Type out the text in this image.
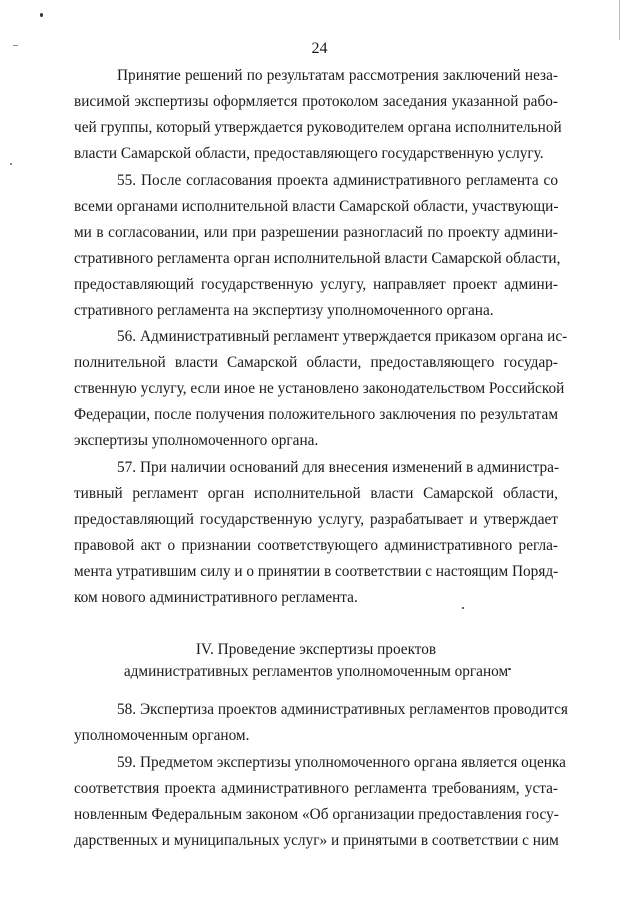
24
Принятие решений по результатам рассмотрения заключений неза-
висимой экспертизы оформляется протоколом заседания указанной рабо-
чей группы, который утверждается руководителем органа исполнительной
власти Самарской области, предоставляющего государственную услугу.
55. После согласования проекта административного регламента со
всеми органами исполнительной власти Самарской области, участвующи-
ми в согласовании, или при разрешении разногласий по проекту админи-
стративного регламента орган исполнительной власти Самарской области,
предоставляющий государственную услугу, направляет проект админи-
стративного регламента на экспертизу уполномоченного органа.
56. Административный регламент утверждается приказом органа ис-
полнительной власти Самарской области, предоставляющего государ-
ственную услугу, если иное не установлено законодательством Российской
Федерации, после получения положительного заключения по результатам
экспертизы уполномоченного органа.
57. При наличии оснований для внесения изменений в администра-
тивный регламент орган исполнительной власти Самарской области,
предоставляющий государственную услугу, разрабатывает и утверждает
правовой акт о признании соответствующего административного регла-
мента утратившим силу и о принятии в соответствии с настоящим Поряд-
ком нового административного регламента.
IV. Проведение экспертизы проектов
административных регламентов уполномоченным органом
58. Экспертиза проектов административных регламентов проводится
уполномоченным органом.
59. Предметом экспертизы уполномоченного органа является оценка
соответствия проекта административного регламента требованиям, уста-
новленным Федеральным законом «Об организации предоставления госу-
дарственных и муниципальных услуг» и принятыми в соответствии с ним
